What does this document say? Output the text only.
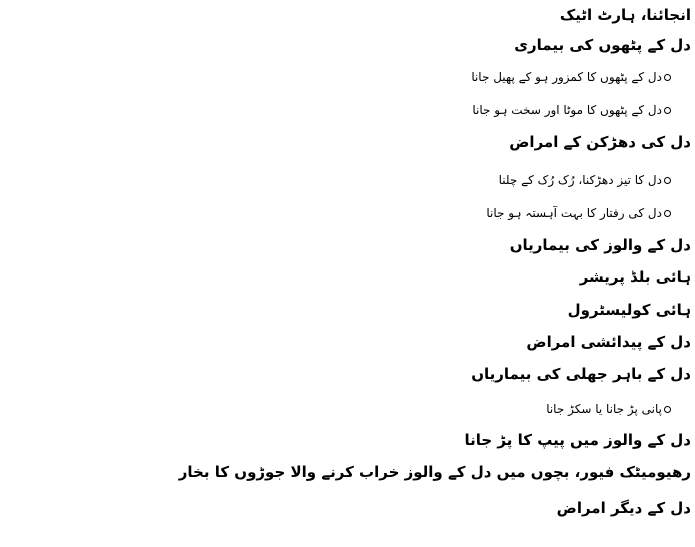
انجائنا، ہارٹ اٹیک
دل کے پٹھوں کی بیماری
دل کے پٹھوں کا کمزور ہو کے پھیل جانا
دل کے پٹھوں کا موٹا اور سخت ہو جانا
دل کی دھڑکن کے امراض
دل کا تیز دھڑکنا، رُک رُک کے چلنا
دل کی رفتار کا بہت آہستہ ہو جانا
دل کے والوز کی بیماریاں
ہائی بلڈ پریشر
ہائی کولیسٹرول
دل کے پیدائشی امراض
دل کے باہر جھلی کی بیماریاں
پانی پڑ جانا یا سکڑ جانا
دل کے والوز میں پیپ کا پڑ جانا
رھیومیٹک فیور، بچوں میں دل کے والوز خراب کرنے والا جوڑوں کا بخار
دل کے دیگر امراض
